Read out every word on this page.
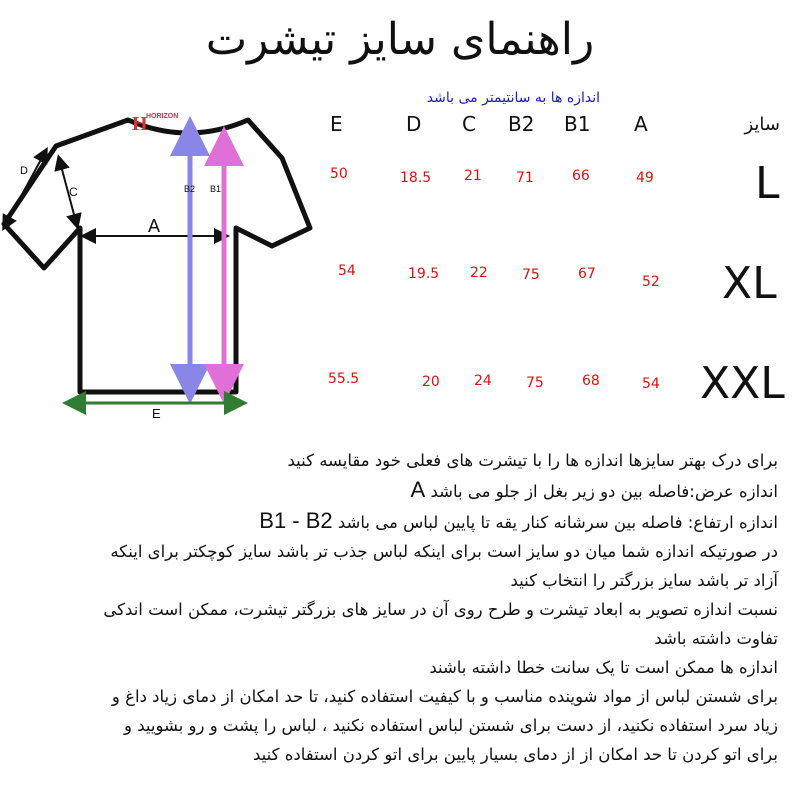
راهنمای سایز تیشرت
اندازه ها به سانتیمتر می باشد
E	D C B2 B1 A	سایز
L
50	18.5 21 71	66	49
XL
54	19.5 22 75	67	52
XXL
55.5	20 24 75	68	54
D
C
A
B2 B1
E
H
HORIZON

برای درک بهتر سایزها اندازه ها را با تیشرت های فعلی خود مقایسه کنید

اندازه عرض:فاصله بین دو زیر بغل از جلو می باشد A

اندازه ارتفاع: فاصله بین سرشانه کنار یقه تا پایین لباس می باشد B1 - B2

در صورتیکه اندازه شما میان دو سایز است برای اینکه لباس جذب تر باشد سایز کوچکتر برای اینکه

آزاد تر باشد سایز بزرگتر را انتخاب کنید

نسبت اندازه تصویر به ابعاد تیشرت و طرح روی آن در سایز های بزرگتر تیشرت، ممکن است اندکی

تفاوت داشته باشد

اندازه ها ممکن است تا یک سانت خطا داشته باشند

برای شستن لباس از مواد شوینده مناسب و با کیفیت استفاده کنید، تا حد امکان از دمای زیاد داغ و

زیاد سرد استفاده نکنید، از دست برای شستن لباس استفاده نکنید ، لباس را پشت و رو بشویید و

برای اتو کردن تا حد امکان از از دمای بسیار پایین برای اتو کردن استفاده کنید
